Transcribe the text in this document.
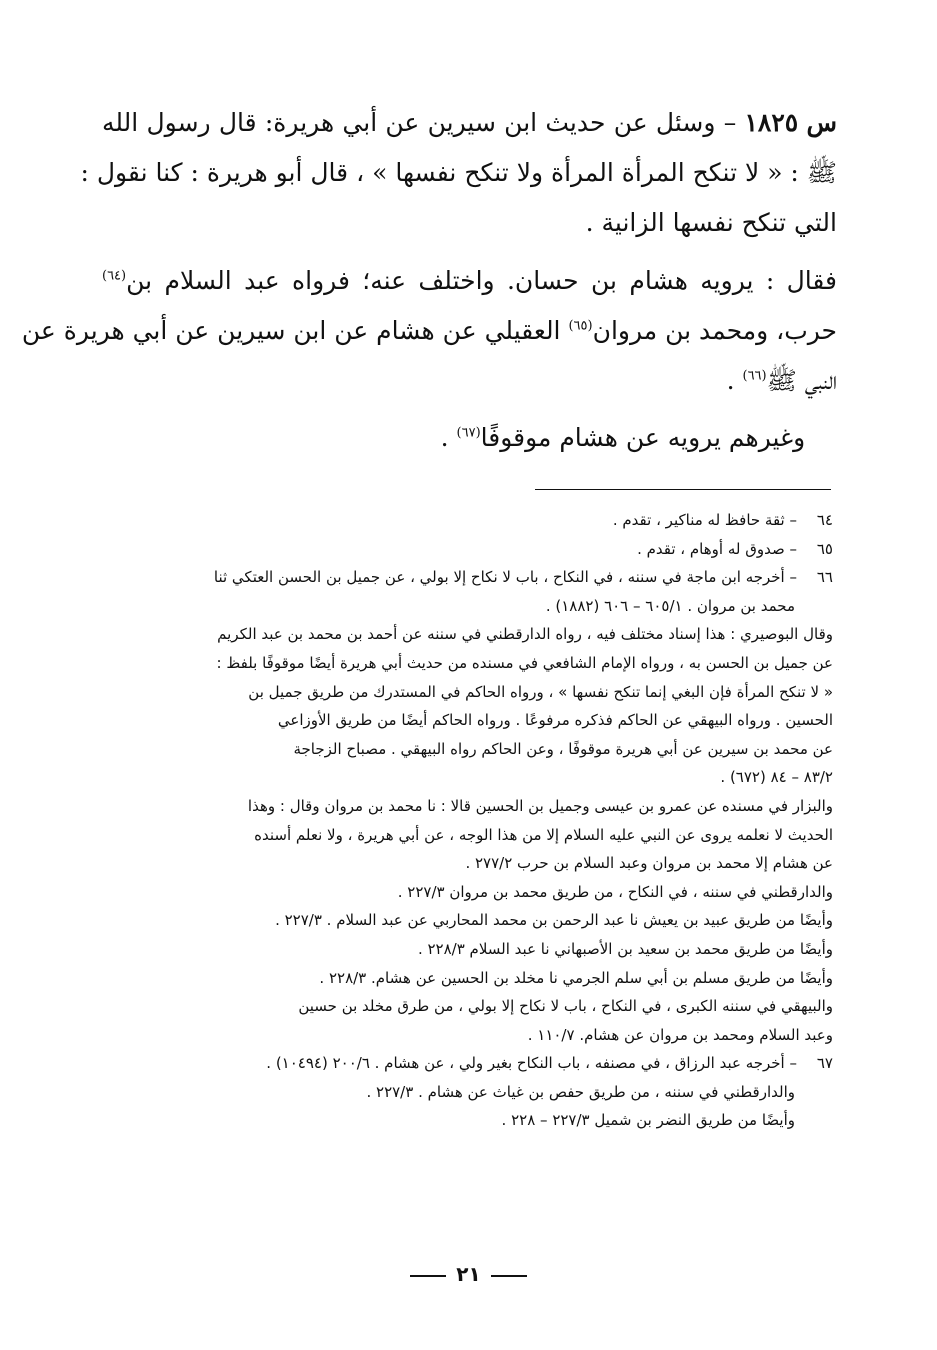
س ١٨٢٥ – وسئل عن حديث ابن سيرين عن أبي هريرة: قال رسول الله
ﷺ : « لا تنكح المرأة المرأة ولا تنكح نفسها » ، قال أبو هريرة : كنا نقول :
التي تنكح نفسها الزانية .
فقال : يرويه هشام بن حسان. واختلف عنه؛ فرواه عبد السلام بن$^{(٦٤)}$
حرب، ومحمد بن مروان$^{(٦٥)}$ العقيلي عن هشام عن ابن سيرين عن أبي هريرة عن
النبي ﷺ$^{(٦٦)}$ .
وغيرهم يرويه عن هشام موقوفًا$^{(٦٧)}$ .
٦٤– ثقة حافظ له مناكير ، تقدم .
٦٥– صدوق له أوهام ، تقدم .
٦٦– أخرجه ابن ماجة في سننه ، في النكاح ، باب لا نكاح إلا بولي ، عن جميل بن الحسن العتكي ثنا
محمد بن مروان . ٦٠٥/١ – ٦٠٦ (١٨٨٢) .
وقال البوصيري : هذا إسناد مختلف فيه ، رواه الدارقطني في سننه عن أحمد بن محمد بن عبد الكريم
عن جميل بن الحسن به ، ورواه الإمام الشافعي في مسنده من حديث أبي هريرة أيضًا موقوفًا بلفظ :
« لا تنكح المرأة فإن البغي إنما تنكح نفسها » ، ورواه الحاكم في المستدرك من طريق جميل بن
الحسين . ورواه البيهقي عن الحاكم فذكره مرفوعًا . ورواه الحاكم أيضًا من طريق الأوزاعي
عن محمد بن سيرين عن أبي هريرة موقوفًا ، وعن الحاكم رواه البيهقي . مصباح الزجاجة
٨٣/٢ – ٨٤ (٦٧٢) .
والبزار في مسنده عن عمرو بن عيسى وجميل بن الحسين قالا : نا محمد بن مروان وقال : وهذا
الحديث لا نعلمه يروى عن النبي عليه السلام إلا من هذا الوجه ، عن أبي هريرة ، ولا نعلم أسنده
عن هشام إلا محمد بن مروان وعبد السلام بن حرب ٢٧٧/٢ .
والدارقطني في سننه ، في النكاح ، من طريق محمد بن مروان ٢٢٧/٣ .
وأيضًا من طريق عبيد بن يعيش نا عبد الرحمن بن محمد المحاربي عن عبد السلام . ٢٢٧/٣ .
وأيضًا من طريق محمد بن سعيد بن الأصبهاني نا عبد السلام ٢٢٨/٣ .
وأيضًا من طريق مسلم بن أبي سلم الجرمي نا مخلد بن الحسين عن هشام. ٢٢٨/٣ .
والبيهقي في سننه الكبرى ، في النكاح ، باب لا نكاح إلا بولي ، من طرق مخلد بن حسين
وعبد السلام ومحمد بن مروان عن هشام. ١١٠/٧ .
٦٧– أخرجه عبد الرزاق ، في مصنفه ، باب النكاح بغير ولي ، عن هشام . ٢٠٠/٦ (١٠٤٩٤) .
والدارقطني في سننه ، من طريق حفص بن غياث عن هشام . ٢٢٧/٣ .
وأيضًا من طريق النضر بن شميل ٢٢٧/٣ – ٢٢٨ .
٢١
